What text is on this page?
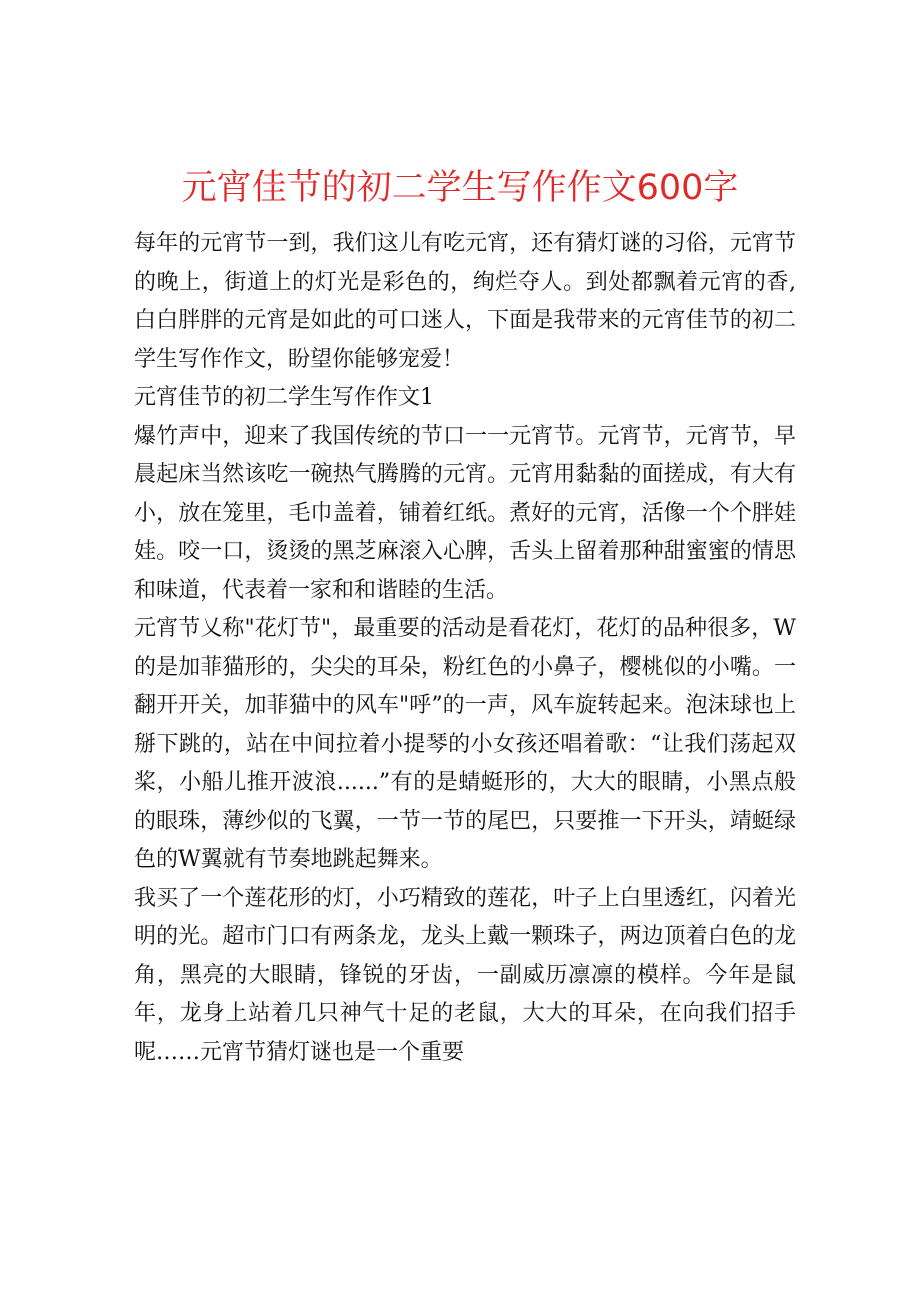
元宵佳节的初二学生写作作文600字

每年的元宵节一到，我们这儿有吃元宵，还有猜灯谜的习俗，元宵节的晚上，街道上的灯光是彩色的，绚烂夺人。到处都飘着元宵的香,白白胖胖的元宵是如此的可口迷人，下面是我带来的元宵佳节的初二学生写作作文，盼望你能够宠爱！

元宵佳节的初二学生写作作文1

爆竹声中，迎来了我国传统的节口一一元宵节。元宵节，元宵节，早晨起床当然该吃一碗热气腾腾的元宵。元宵用黏黏的面搓成，有大有小，放在笼里，毛巾盖着，铺着红纸。煮好的元宵，活像一个个胖娃娃。咬一口，烫烫的黑芝麻滚入心脾，舌头上留着那种甜蜜蜜的情思和味道，代表着一家和和谐睦的生活。

元宵节乂称"花灯节"，最重要的活动是看花灯，花灯的品种很多，W的是加菲猫形的，尖尖的耳朵，粉红色的小鼻子，樱桃似的小嘴。一翻开开关，加菲猫中的风车"呼”的一声，风车旋转起来。泡沫球也上掰下跳的，站在中间拉着小提琴的小女孩还唱着歌：“让我们荡起双桨，小船儿推开波浪......”有的是蜻蜓形的，大大的眼睛，小黑点般的眼珠，薄纱似的飞翼，一节一节的尾巴，只要推一下开头，靖蜓绿色的W翼就有节奏地跳起舞来。

我买了一个莲花形的灯，小巧精致的莲花，叶子上白里透红，闪着光明的光。超市门口有两条龙，龙头上戴一颗珠子，两边顶着白色的龙角，黑亮的大眼睛，锋锐的牙齿，一副威历凛凛的模样。今年是鼠年，龙身上站着几只神气十足的老鼠，大大的耳朵，在向我们招手呢……元宵节猜灯谜也是一个重要
